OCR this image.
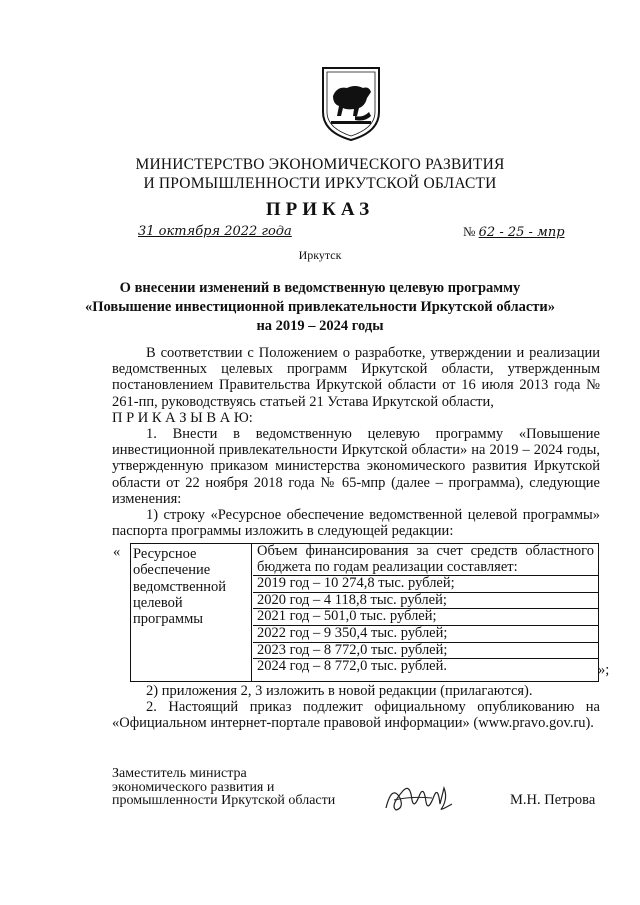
МИНИСТЕРСТВО ЭКОНОМИЧЕСКОГО РАЗВИТИЯ
И ПРОМЫШЛЕННОСТИ ИРКУТСКОЙ ОБЛАСТИ
ПРИКАЗ
31 октября 2022 года	№ 62 - 25 - мпр
Иркутск
О внесении изменений в ведомственную целевую программу
«Повышение инвестиционной привлекательности Иркутской области»
на 2019 – 2024 годы
В соответствии с Положением о разработке, утверждении и реализации ведомственных целевых программ Иркутской области, утвержденным постановлением Правительства Иркутской области от 16 июля 2013 года № 261-пп, руководствуясь статьей 21 Устава Иркутской области,
П Р И К А З Ы В А Ю:
1. Внести в ведомственную целевую программу «Повышение инвестиционной привлекательности Иркутской области» на 2019 – 2024 годы, утвержденную приказом министерства экономического развития Иркутской области от 22 ноября 2018 года № 65-мпр (далее – программа), следующие изменения:
1) строку «Ресурсное обеспечение ведомственной целевой программы» паспорта программы изложить в следующей редакции:
« Ресурсное
обеспечение
ведомственной
целевой
программы
Объем финансирования за счет средств областного бюджета по годам реализации составляет:
2019 год – 10 274,8 тыс. рублей;
2020 год – 4 118,8 тыс. рублей;
2021 год – 501,0 тыс. рублей;
2022 год – 9 350,4 тыс. рублей;
2023 год – 8 772,0 тыс. рублей;
2024 год – 8 772,0 тыс. рублей.	»;
2) приложения 2, 3 изложить в новой редакции (прилагаются).
2. Настоящий приказ подлежит официальному опубликованию на «Официальном интернет-портале правовой информации» (www.pravo.gov.ru).
Заместитель министра
экономического развития и
промышленности Иркутской области	М.Н. Петрова
